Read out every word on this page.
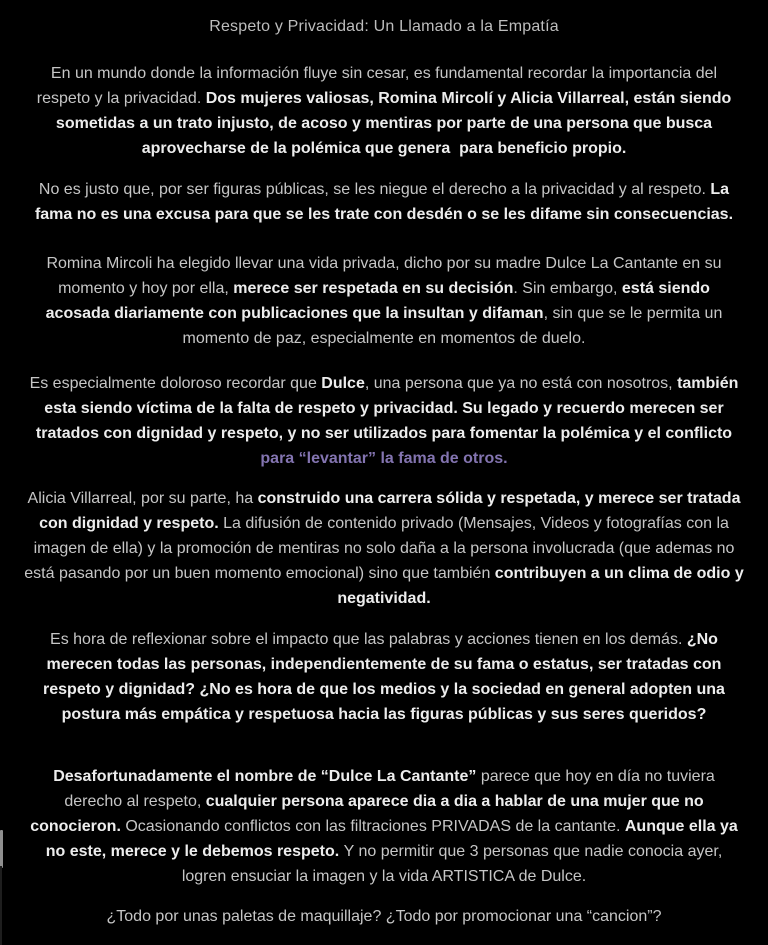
Respeto y Privacidad: Un Llamado a la Empatía

En un mundo donde la información fluye sin cesar, es fundamental recordar la importancia del respeto y la privacidad. Dos mujeres valiosas, Romina Mircolí y Alicia Villarreal, están siendo sometidas a un trato injusto, de acoso y mentiras por parte de una persona que busca aprovecharse de la polémica que genera  para beneficio propio.

No es justo que, por ser figuras públicas, se les niegue el derecho a la privacidad y al respeto. La fama no es una excusa para que se les trate con desdén o se les difame sin consecuencias.

Romina Mircoli ha elegido llevar una vida privada, dicho por su madre Dulce La Cantante en su momento y hoy por ella, merece ser respetada en su decisión. Sin embargo, está siendo acosada diariamente con publicaciones que la insultan y difaman, sin que se le permita un momento de paz, especialmente en momentos de duelo.

Es especialmente doloroso recordar que Dulce, una persona que ya no está con nosotros, también esta siendo víctima de la falta de respeto y privacidad. Su legado y recuerdo merecen ser tratados con dignidad y respeto, y no ser utilizados para fomentar la polémica y el conflicto para “levantar” la fama de otros.

Alicia Villarreal, por su parte, ha construido una carrera sólida y respetada, y merece ser tratada con dignidad y respeto. La difusión de contenido privado (Mensajes, Videos y fotografías con la imagen de ella) y la promoción de mentiras no solo daña a la persona involucrada (que ademas no está pasando por un buen momento emocional) sino que también contribuyen a un clima de odio y negatividad.

Es hora de reflexionar sobre el impacto que las palabras y acciones tienen en los demás. ¿No merecen todas las personas, independientemente de su fama o estatus, ser tratadas con respeto y dignidad? ¿No es hora de que los medios y la sociedad en general adopten una postura más empática y respetuosa hacia las figuras públicas y sus seres queridos?

Desafortunadamente el nombre de “Dulce La Cantante” parece que hoy en día no tuviera derecho al respeto, cualquier persona aparece dia a dia a hablar de una mujer que no conocieron. Ocasionando conflictos con las filtraciones PRIVADAS de la cantante. Aunque ella ya no este, merece y le debemos respeto. Y no permitir que 3 personas que nadie conocia ayer,  logren ensuciar la imagen y la vida ARTISTICA de Dulce.

¿Todo por unas paletas de maquillaje? ¿Todo por promocionar una “cancion”?
